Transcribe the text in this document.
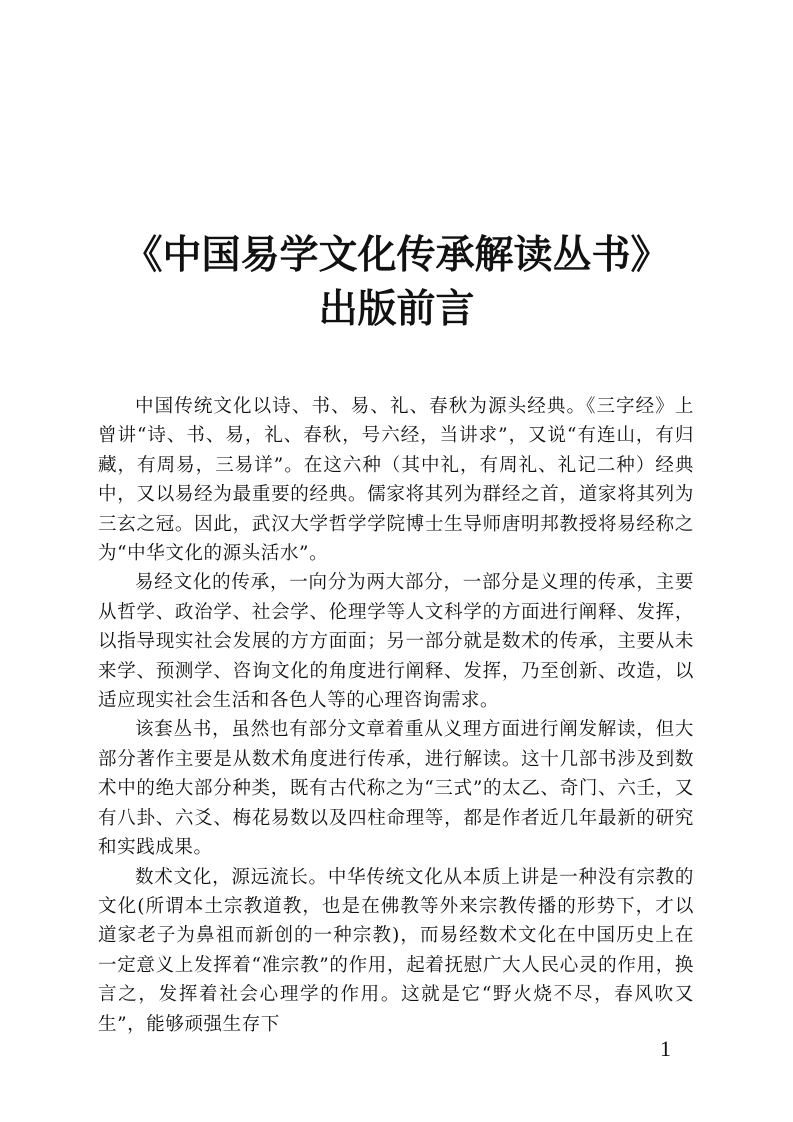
《中国易学文化传承解读丛书》
出版前言

中国传统文化以诗、书、易、礼、春秋为源头经典。《三字经》上曾讲“诗、书、易，礼、春秋，号六经，当讲求”，又说“有连山，有归藏，有周易，三易详”。在这六种（其中礼，有周礼、礼记二种）经典中，又以易经为最重要的经典。儒家将其列为群经之首，道家将其列为三玄之冠。因此，武汉大学哲学学院博士生导师唐明邦教授将易经称之为“中华文化的源头活水”。

易经文化的传承，一向分为两大部分，一部分是义理的传承，主要从哲学、政治学、社会学、伦理学等人文科学的方面进行阐释、发挥，以指导现实社会发展的方方面面；另一部分就是数术的传承，主要从未来学、预测学、咨询文化的角度进行阐释、发挥，乃至创新、改造，以适应现实社会生活和各色人等的心理咨询需求。

该套丛书，虽然也有部分文章着重从义理方面进行阐发解读，但大部分著作主要是从数术角度进行传承，进行解读。这十几部书涉及到数术中的绝大部分种类，既有古代称之为“三式”的太乙、奇门、六壬，又有八卦、六爻、梅花易数以及四柱命理等，都是作者近几年最新的研究和实践成果。

数术文化，源远流长。中华传统文化从本质上讲是一种没有宗教的文化(所谓本土宗教道教，也是在佛教等外来宗教传播的形势下，才以道家老子为鼻祖而新创的一种宗教)，而易经数术文化在中国历史上在一定意义上发挥着“准宗教”的作用，起着抚慰广大人民心灵的作用，换言之，发挥着社会心理学的作用。这就是它“野火烧不尽，春风吹又生”，能够顽强生存下

1
